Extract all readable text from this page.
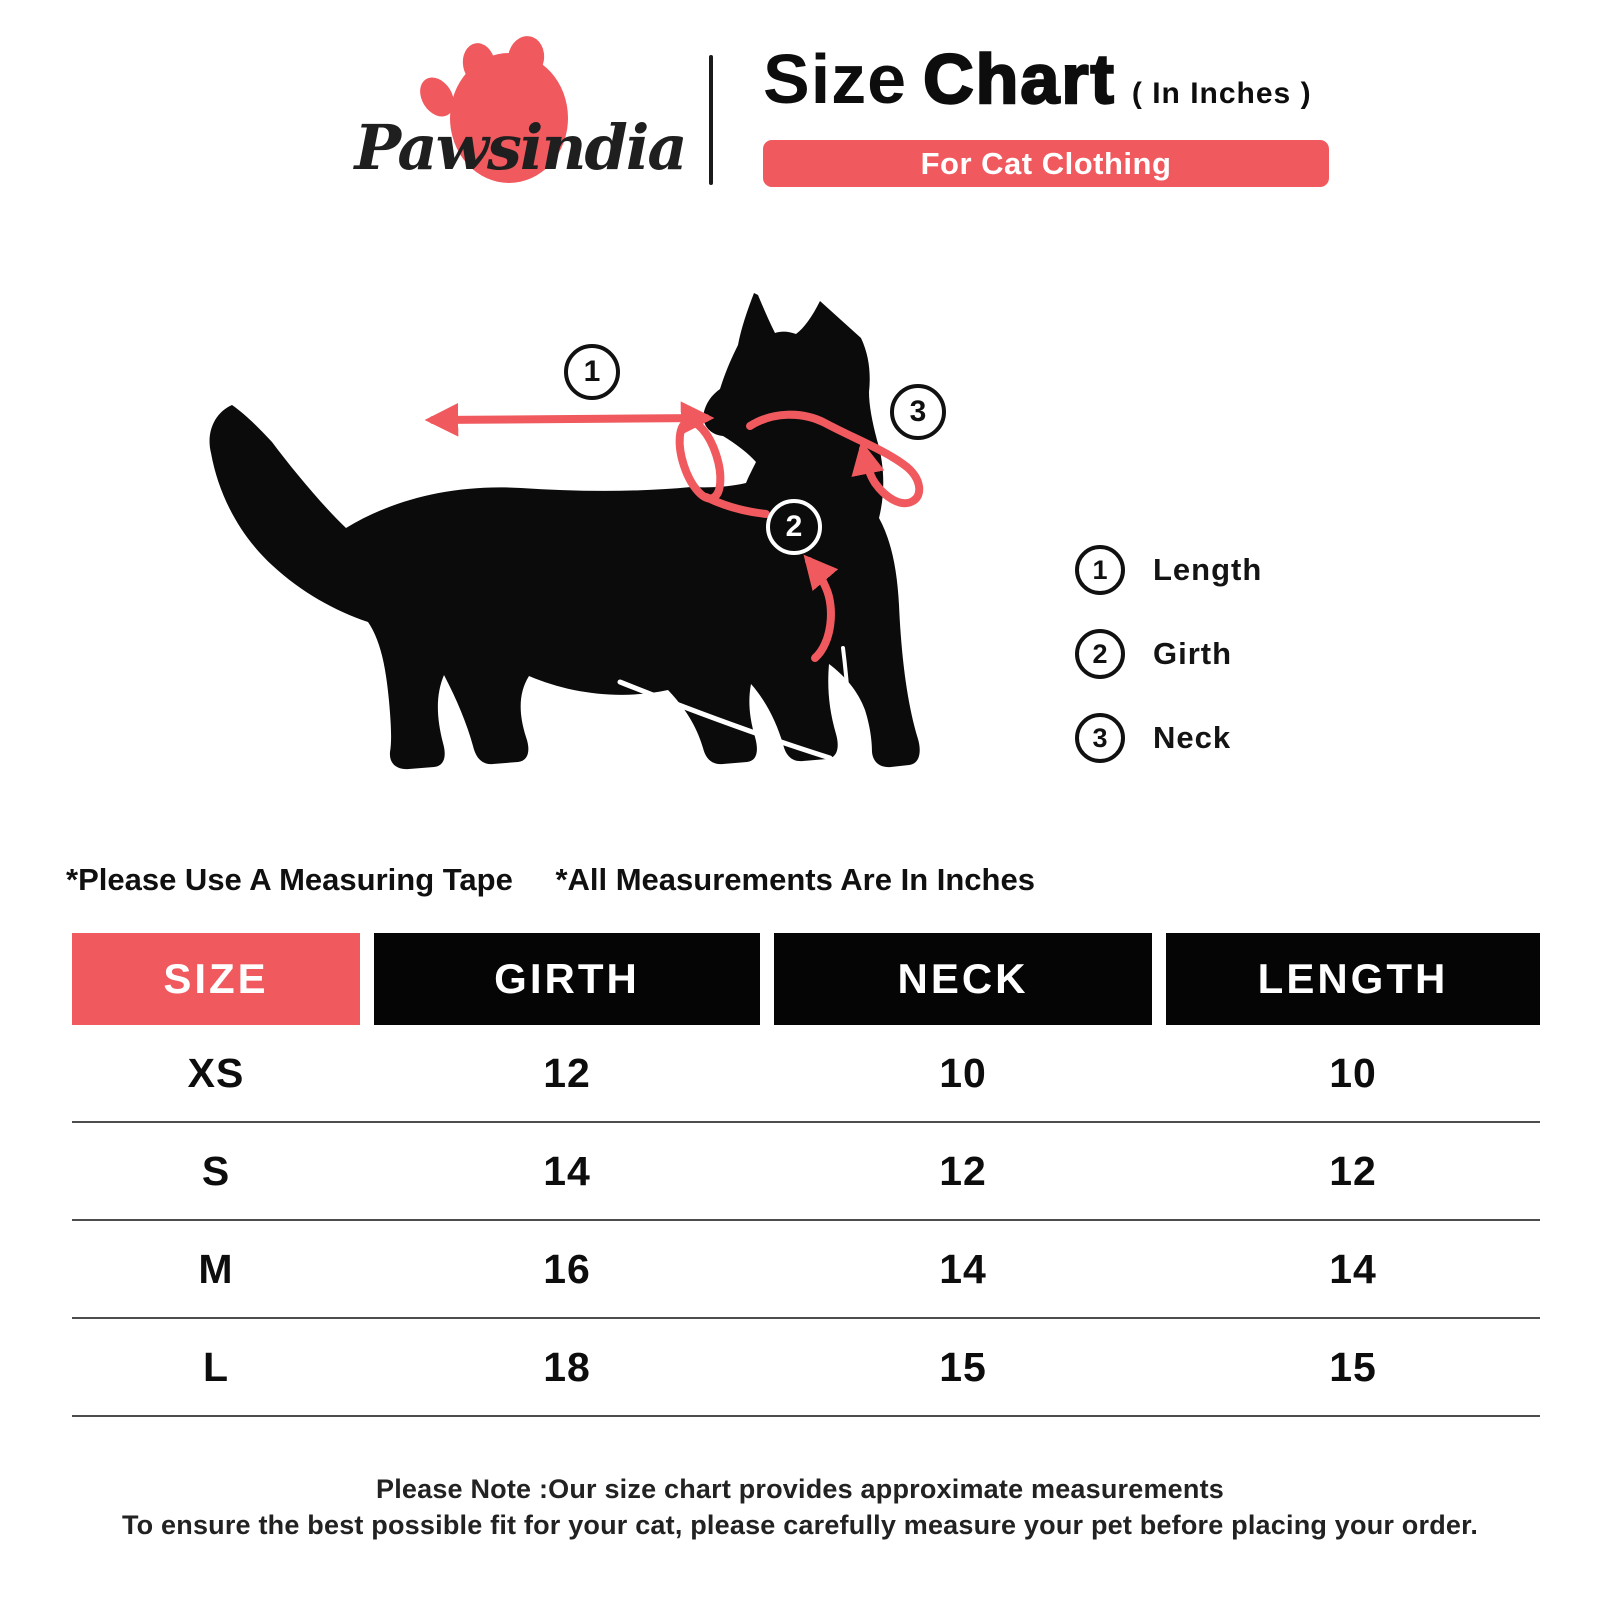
Pawsindia
Size Chart ( In Inches )
For Cat Clothing
1
2
3
1 Length
2 Girth
3 Neck
*Please Use A Measuring Tape *All Measurements Are In Inches
SIZE	GIRTH	NECK	LENGTH
XS	12	10	10
S	14	12	12
M	16	14	14
L	18	15	15
Please Note :Our size chart provides approximate measurements
To ensure the best possible fit for your cat, please carefully measure your pet before placing your order.
